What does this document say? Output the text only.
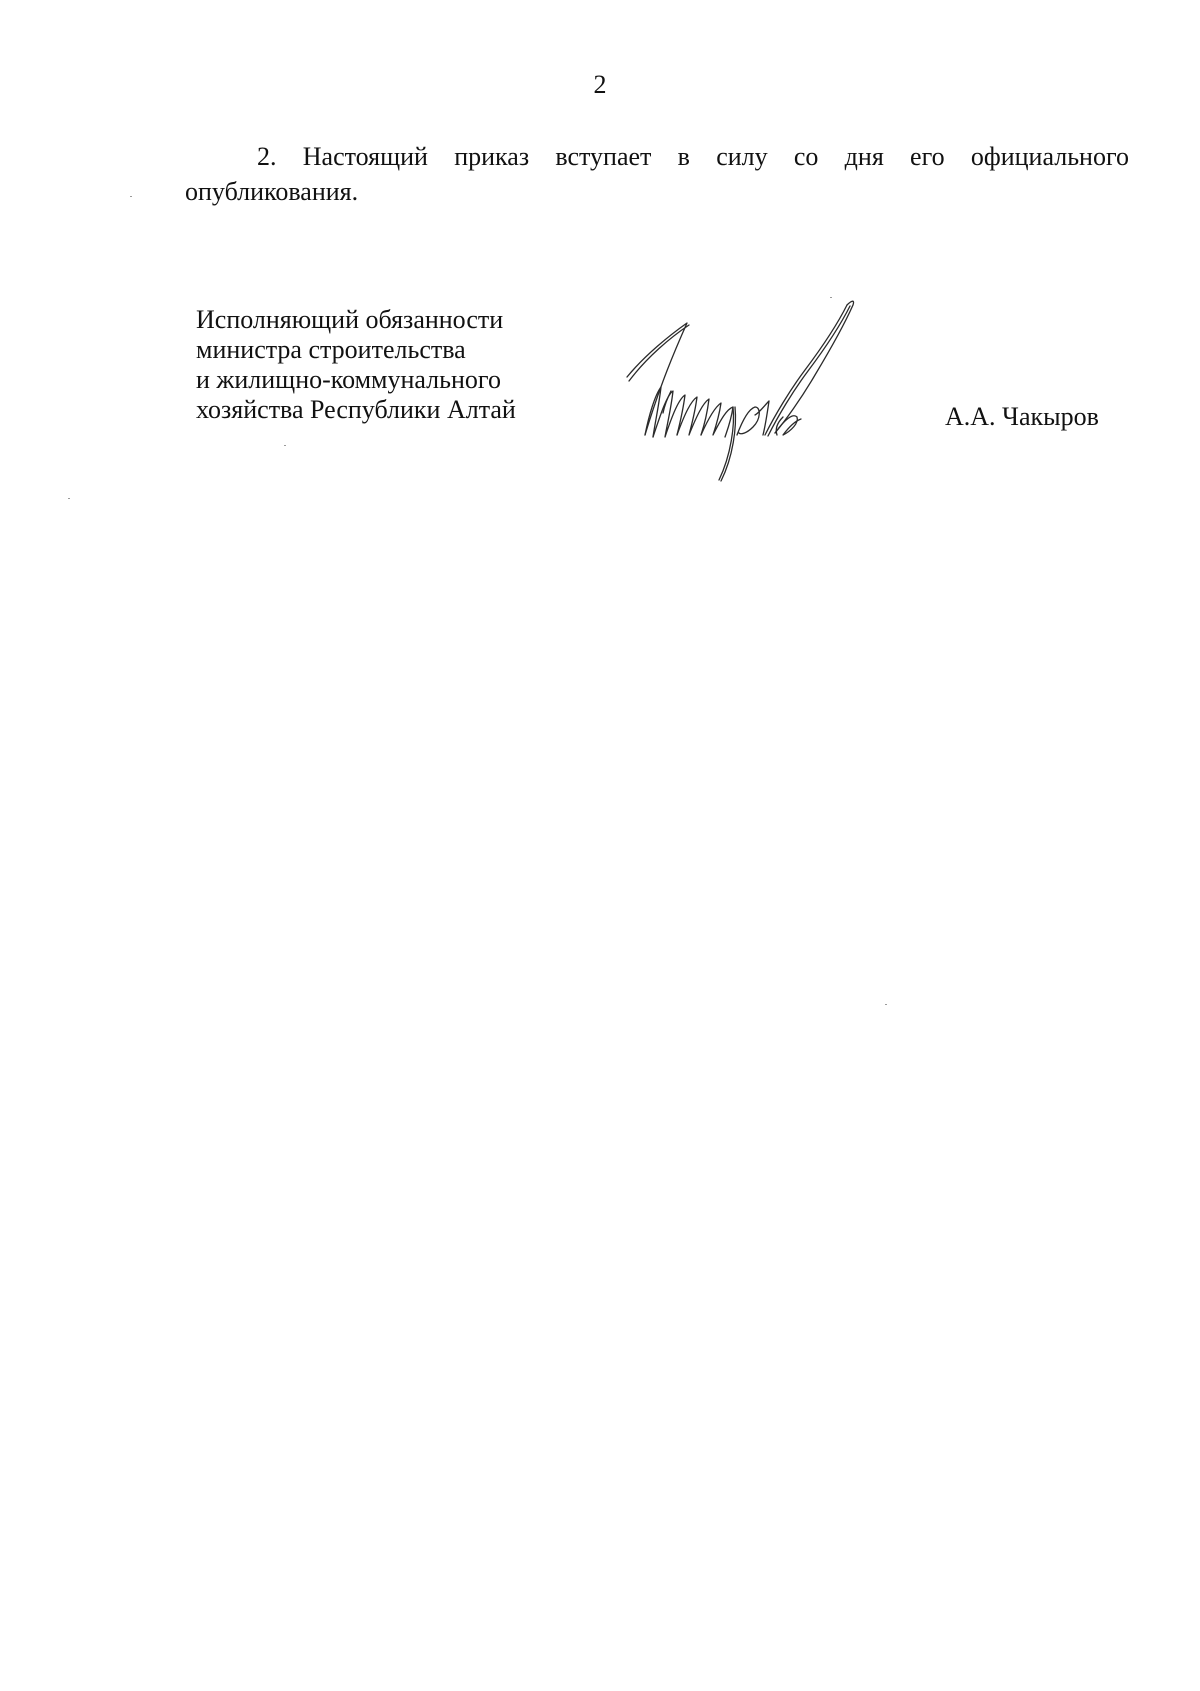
2
2. Настоящий приказ вступает в силу со дня его официального
опубликования.
Исполняющий обязанности
министра строительства
и жилищно-коммунального
хозяйства Республики Алтай	А.А. Чакыров
